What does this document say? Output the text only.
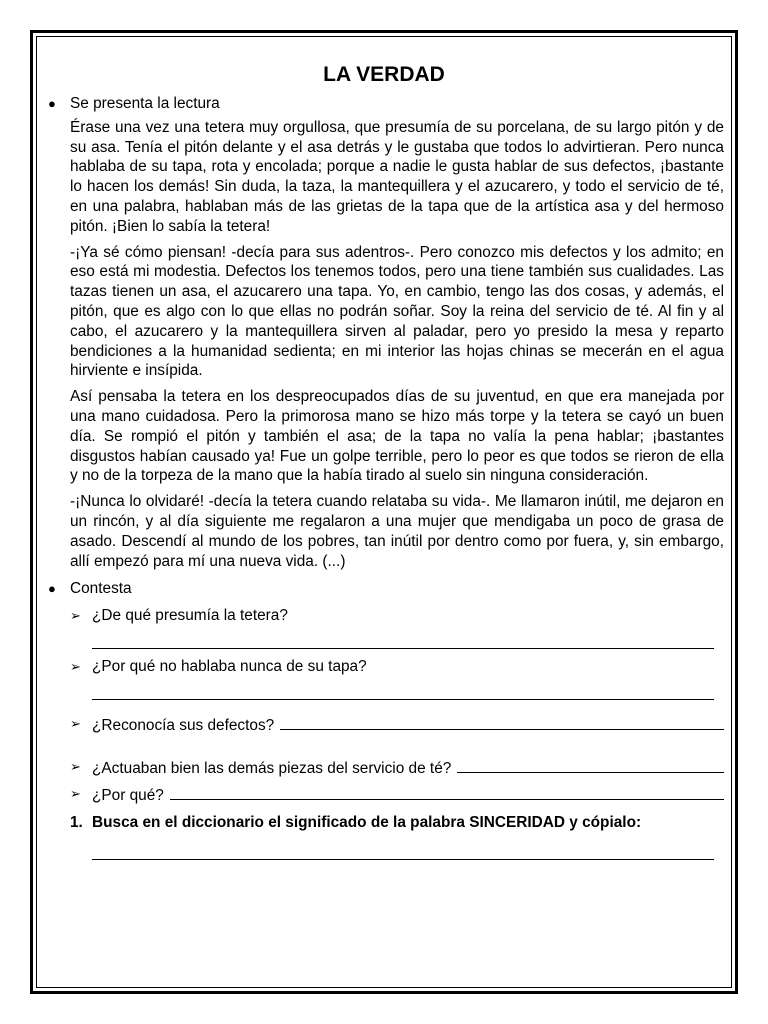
LA VERDAD
● Se presenta la lectura

Érase una vez una tetera muy orgullosa, que presumía de su porcelana, de su largo pitón y de su asa. Tenía el pitón delante y el asa detrás y le gustaba que todos lo advirtieran. Pero nunca hablaba de su tapa, rota y encolada; porque a nadie le gusta hablar de sus defectos, ¡bastante lo hacen los demás! Sin duda, la taza, la mantequillera y el azucarero, y todo el servicio de té, en una palabra, hablaban más de las grietas de la tapa que de la artística asa y del hermoso pitón. ¡Bien lo sabía la tetera!

-¡Ya sé cómo piensan! -decía para sus adentros-. Pero conozco mis defectos y los admito; en eso está mi modestia. Defectos los tenemos todos, pero una tiene también sus cualidades. Las tazas tienen un asa, el azucarero una tapa. Yo, en cambio, tengo las dos cosas, y además, el pitón, que es algo con lo que ellas no podrán soñar. Soy la reina del servicio de té. Al fin y al cabo, el azucarero y la mantequillera sirven al paladar, pero yo presido la mesa y reparto bendiciones a la humanidad sedienta; en mi interior las hojas chinas se mecerán en el agua hirviente e insípida.

Así pensaba la tetera en los despreocupados días de su juventud, en que era manejada por una mano cuidadosa. Pero la primorosa mano se hizo más torpe y la tetera se cayó un buen día. Se rompió el pitón y también el asa; de la tapa no valía la pena hablar; ¡bastantes disgustos habían causado ya! Fue un golpe terrible, pero lo peor es que todos se rieron de ella y no de la torpeza de la mano que la había tirado al suelo sin ninguna consideración.

-¡Nunca lo olvidaré! -decía la tetera cuando relataba su vida-. Me llamaron inútil, me dejaron en un rincón, y al día siguiente me regalaron a una mujer que mendigaba un poco de grasa de asado. Descendí al mundo de los pobres, tan inútil por dentro como por fuera, y, sin embargo, allí empezó para mí una nueva vida. (...)

● Contesta
➢ ¿De qué presumía la tetera?
➢ ¿Por qué no hablaba nunca de su tapa?
➢ ¿Reconocía sus defectos?
➢ ¿Actuaban bien las demás piezas del servicio de té?
➢ ¿Por qué?
1. Busca en el diccionario el significado de la palabra SINCERIDAD y cópialo:
